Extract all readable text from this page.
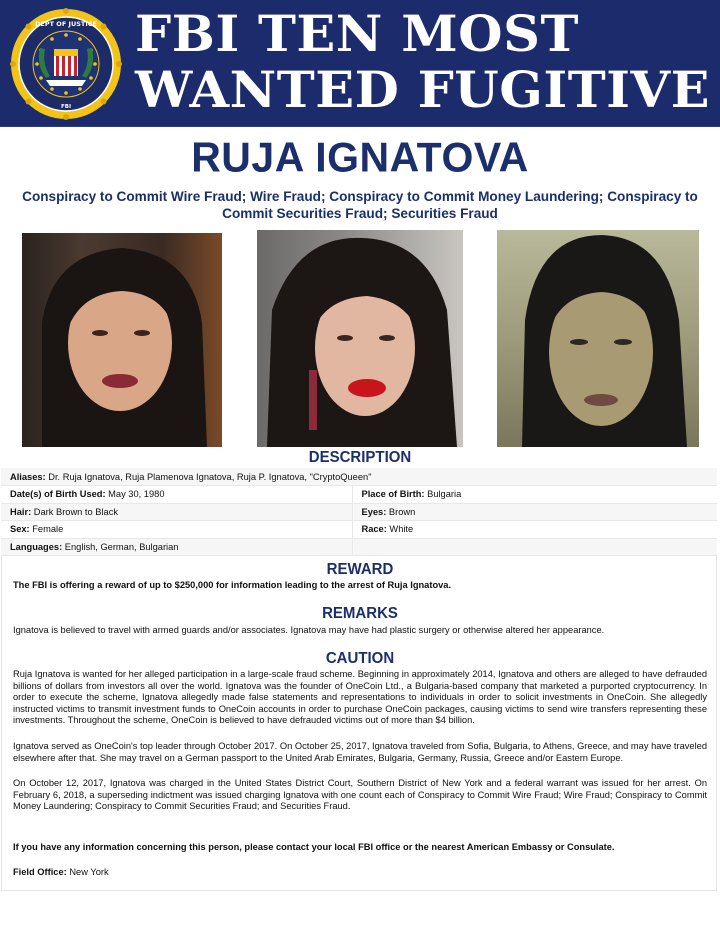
DEPT OF JUSTICE
FBI
FBI TEN MOST
WANTED FUGITIVE
RUJA IGNATOVA
Conspiracy to Commit Wire Fraud; Wire Fraud; Conspiracy to Commit Money Laundering; Conspiracy to Commit Securities Fraud; Securities Fraud
DESCRIPTION
Aliases: Dr. Ruja Ignatova, Ruja Plamenova Ignatova, Ruja P. Ignatova, "CryptoQueen"	
Date(s) of Birth Used: May 30, 1980	Place of Birth: Bulgaria
Hair: Dark Brown to Black	Eyes: Brown
Sex: Female	Race: White
Languages: English, German, Bulgarian	
REWARD
The FBI is offering a reward of up to $250,000 for information leading to the arrest of Ruja Ignatova.
REMARKS
Ignatova is believed to travel with armed guards and/or associates. Ignatova may have had plastic surgery or otherwise altered her appearance.
CAUTION
Ruja Ignatova is wanted for her alleged participation in a large-scale fraud scheme. Beginning in approximately 2014, Ignatova and others are alleged to have defrauded billions of dollars from investors all over the world. Ignatova was the founder of OneCoin Ltd., a Bulgaria-based company that marketed a purported cryptocurrency. In order to execute the scheme, Ignatova allegedly made false statements and representations to individuals in order to solicit investments in OneCoin. She allegedly instructed victims to transmit investment funds to OneCoin accounts in order to purchase OneCoin packages, causing victims to send wire transfers representing these investments. Throughout the scheme, OneCoin is believed to have defrauded victims out of more than $4 billion.
Ignatova served as OneCoin's top leader through October 2017. On October 25, 2017, Ignatova traveled from Sofia, Bulgaria, to Athens, Greece, and may have traveled elsewhere after that. She may travel on a German passport to the United Arab Emirates, Bulgaria, Germany, Russia, Greece and/or Eastern Europe.
On October 12, 2017, Ignatova was charged in the United States District Court, Southern District of New York and a federal warrant was issued for her arrest. On February 6, 2018, a superseding indictment was issued charging Ignatova with one count each of Conspiracy to Commit Wire Fraud; Wire Fraud; Conspiracy to Commit Money Laundering; Conspiracy to Commit Securities Fraud; and Securities Fraud.
If you have any information concerning this person, please contact your local FBI office or the nearest American Embassy or Consulate.
Field Office: New York
